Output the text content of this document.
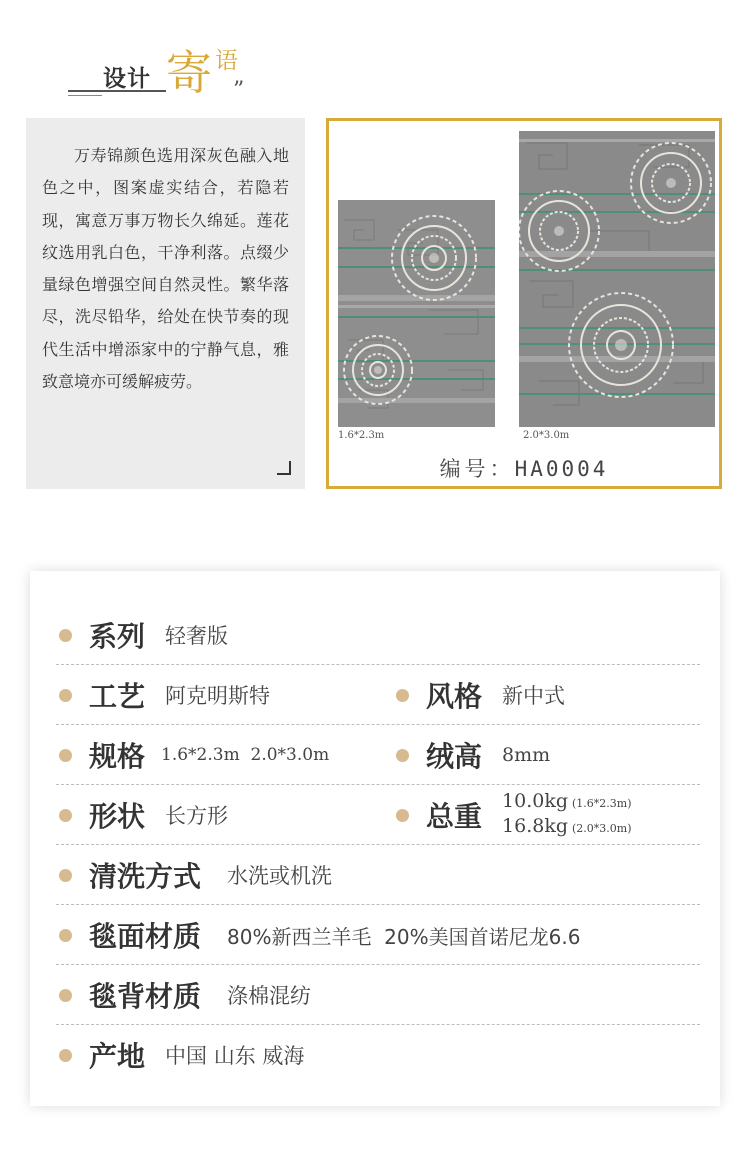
设计 寄 语
”

万寿锦颜色选用深灰色融入地色之中，图案虚实结合，若隐若现，寓意万事万物长久绵延。莲花纹选用乳白色，干净利落。点缀少量绿色增强空间自然灵性。繁华落尽，洗尽铅华，给处在快节奏的现代生活中增添家中的宁静气息，雅致意境亦可缓解疲劳。

1.6*2.3m	2.0*3.0m
编号：HA0004
系列 轻奢版
工艺 阿克明斯特	风格 新中式
规格 1.6*2.3m  2.0*3.0m	绒高 8mm
形状 长方形	总重 10.0kg (1.6*2.3m)
16.8kg (2.0*3.0m)
清洗方式 水洗或机洗
毯面材质 80%新西兰羊毛  20%美国首诺尼龙6.6
毯背材质 涤棉混纺
产地 中国 山东 威海
